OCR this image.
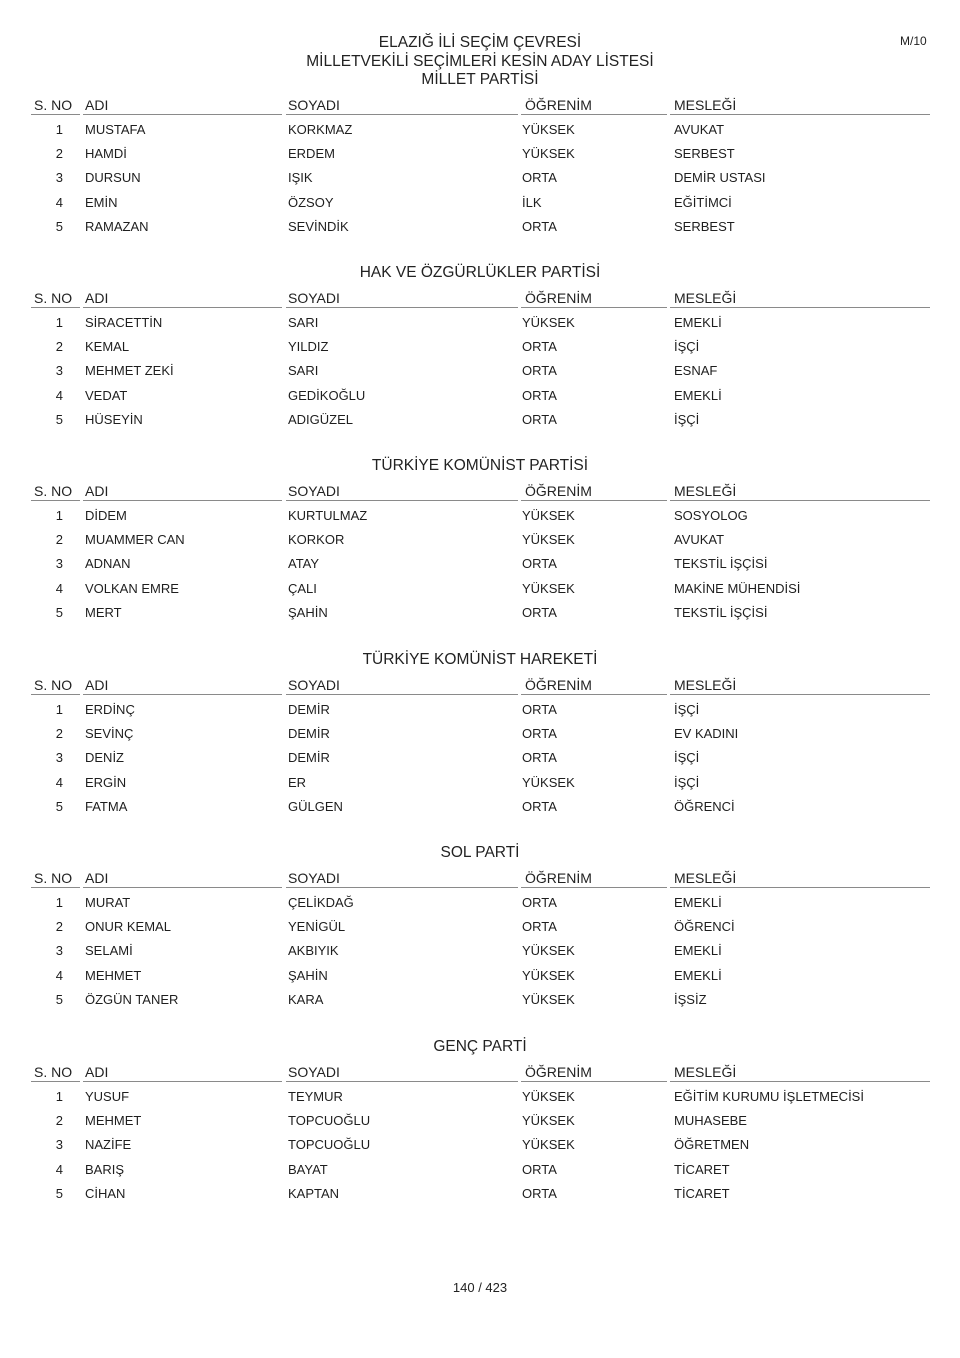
M/10
ELAZIĞ İLİ SEÇİM ÇEVRESİ
MİLLETVEKİLİ SEÇİMLERİ KESİN ADAY LİSTESİ
MİLLET PARTİSİ
S. NO ADI	SOYADI	ÖĞRENİM	MESLEĞİ
1 MUSTAFA	KORKMAZ	YÜKSEK	AVUKAT
2 HAMDİ	ERDEM	YÜKSEK	SERBEST
3 DURSUN	IŞIK	ORTA	DEMİR USTASI
4 EMİN	ÖZSOY	İLK	EĞİTİMCİ
5 RAMAZAN	SEVİNDİK	ORTA	SERBEST
HAK VE ÖZGÜRLÜKLER PARTİSİ
S. NO ADI	SOYADI	ÖĞRENİM	MESLEĞİ
1 SİRACETTİN	SARI	YÜKSEK	EMEKLİ
2 KEMAL	YILDIZ	ORTA	İŞÇİ
3 MEHMET ZEKİ	SARI	ORTA	ESNAF
4 VEDAT	GEDİKOĞLU	ORTA	EMEKLİ
5 HÜSEYİN	ADIGÜZEL	ORTA	İŞÇİ
TÜRKİYE KOMÜNİST PARTİSİ
S. NO ADI	SOYADI	ÖĞRENİM	MESLEĞİ
1 DİDEM	KURTULMAZ	YÜKSEK	SOSYOLOG
2 MUAMMER CAN	KORKOR	YÜKSEK	AVUKAT
3 ADNAN	ATAY	ORTA	TEKSTİL İŞÇİSİ
4 VOLKAN EMRE	ÇALI	YÜKSEK	MAKİNE MÜHENDİSİ
5 MERT	ŞAHİN	ORTA	TEKSTİL İŞÇİSİ
TÜRKİYE KOMÜNİST HAREKETİ
S. NO ADI	SOYADI	ÖĞRENİM	MESLEĞİ
1 ERDİNÇ	DEMİR	ORTA	İŞÇİ
2 SEVİNÇ	DEMİR	ORTA	EV KADINI
3 DENİZ	DEMİR	ORTA	İŞÇİ
4 ERGİN	ER	YÜKSEK	İŞÇİ
5 FATMA	GÜLGEN	ORTA	ÖĞRENCİ
SOL PARTİ
S. NO ADI	SOYADI	ÖĞRENİM	MESLEĞİ
1 MURAT	ÇELİKDAĞ	ORTA	EMEKLİ
2 ONUR KEMAL	YENİGÜL	ORTA	ÖĞRENCİ
3 SELAMİ	AKBIYIK	YÜKSEK	EMEKLİ
4 MEHMET	ŞAHİN	YÜKSEK	EMEKLİ
5 ÖZGÜN TANER	KARA	YÜKSEK	İŞSİZ
GENÇ PARTİ
S. NO ADI	SOYADI	ÖĞRENİM	MESLEĞİ
1 YUSUF	TEYMUR	YÜKSEK	EĞİTİM KURUMU İŞLETMECİSİ
2 MEHMET	TOPCUOĞLU	YÜKSEK	MUHASEBE
3 NAZİFE	TOPCUOĞLU	YÜKSEK	ÖĞRETMEN
4 BARIŞ	BAYAT	ORTA	TİCARET
5 CİHAN	KAPTAN	ORTA	TİCARET
140 / 423
